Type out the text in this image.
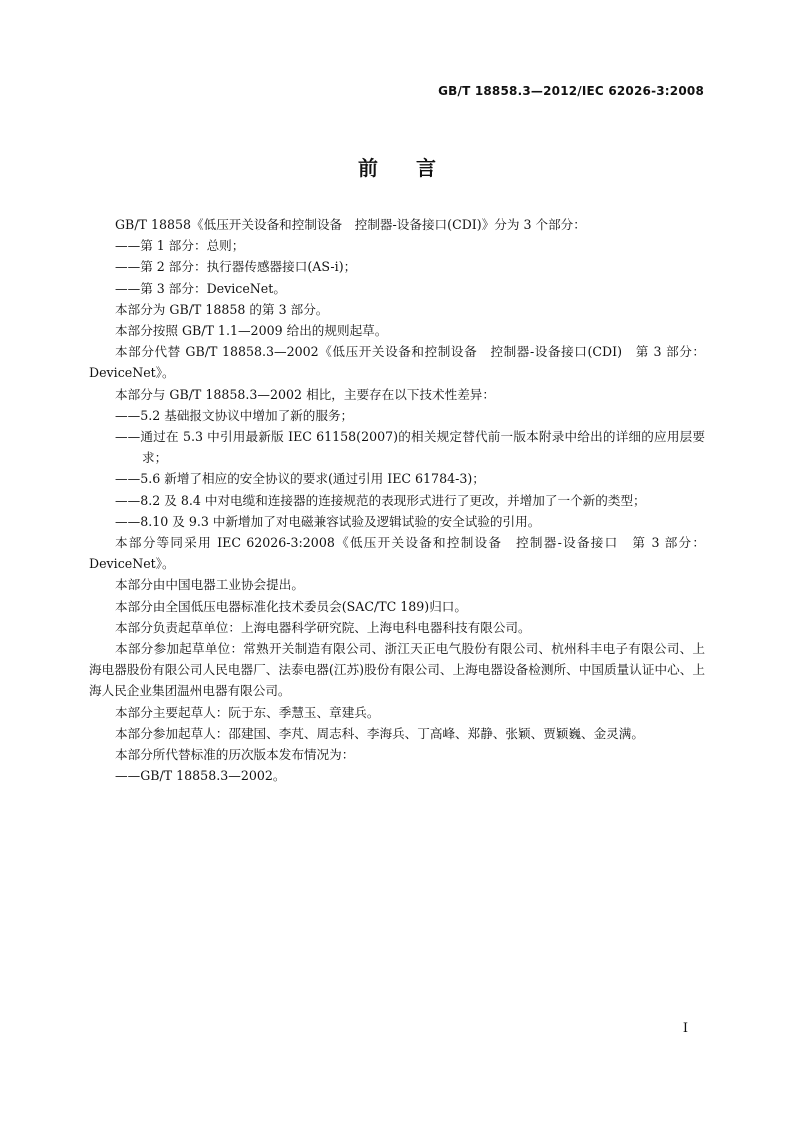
GB/T 18858.3—2012/IEC 62026-3:2008
前言

GB/T 18858《低压开关设备和控制设备　控制器-设备接口(CDI)》分为 3 个部分：

——第 1 部分：总则；

——第 2 部分：执行器传感器接口(AS-i)；

——第 3 部分：DeviceNet。

本部分为 GB/T 18858 的第 3 部分。

本部分按照 GB/T 1.1—2009 给出的规则起草。

本部分代替 GB/T 18858.3—2002《低压开关设备和控制设备　控制器-设备接口(CDI)　第 3 部分：DeviceNet》。

本部分与 GB/T 18858.3—2002 相比，主要存在以下技术性差异：

——5.2 基础报文协议中增加了新的服务；

——通过在 5.3 中引用最新版 IEC 61158(2007)的相关规定替代前一版本附录中给出的详细的应用层要求；

——5.6 新增了相应的安全协议的要求(通过引用 IEC 61784-3)；

——8.2 及 8.4 中对电缆和连接器的连接规范的表现形式进行了更改，并增加了一个新的类型；

——8.10 及 9.3 中新增加了对电磁兼容试验及逻辑试验的安全试验的引用。

本部分等同采用 IEC 62026-3:2008《低压开关设备和控制设备　控制器-设备接口　第 3 部分：DeviceNet》。

本部分由中国电器工业协会提出。

本部分由全国低压电器标准化技术委员会(SAC/TC 189)归口。

本部分负责起草单位：上海电器科学研究院、上海电科电器科技有限公司。

本部分参加起草单位：常熟开关制造有限公司、浙江天正电气股份有限公司、杭州科丰电子有限公司、上海电器股份有限公司人民电器厂、法泰电器(江苏)股份有限公司、上海电器设备检测所、中国质量认证中心、上海人民企业集团温州电器有限公司。

本部分主要起草人：阮于东、季慧玉、章建兵。

本部分参加起草人：邵建国、李芃、周志科、李海兵、丁高峰、郑静、张颖、贾颖巍、金灵满。

本部分所代替标准的历次版本发布情况为：

——GB/T 18858.3—2002。

I
